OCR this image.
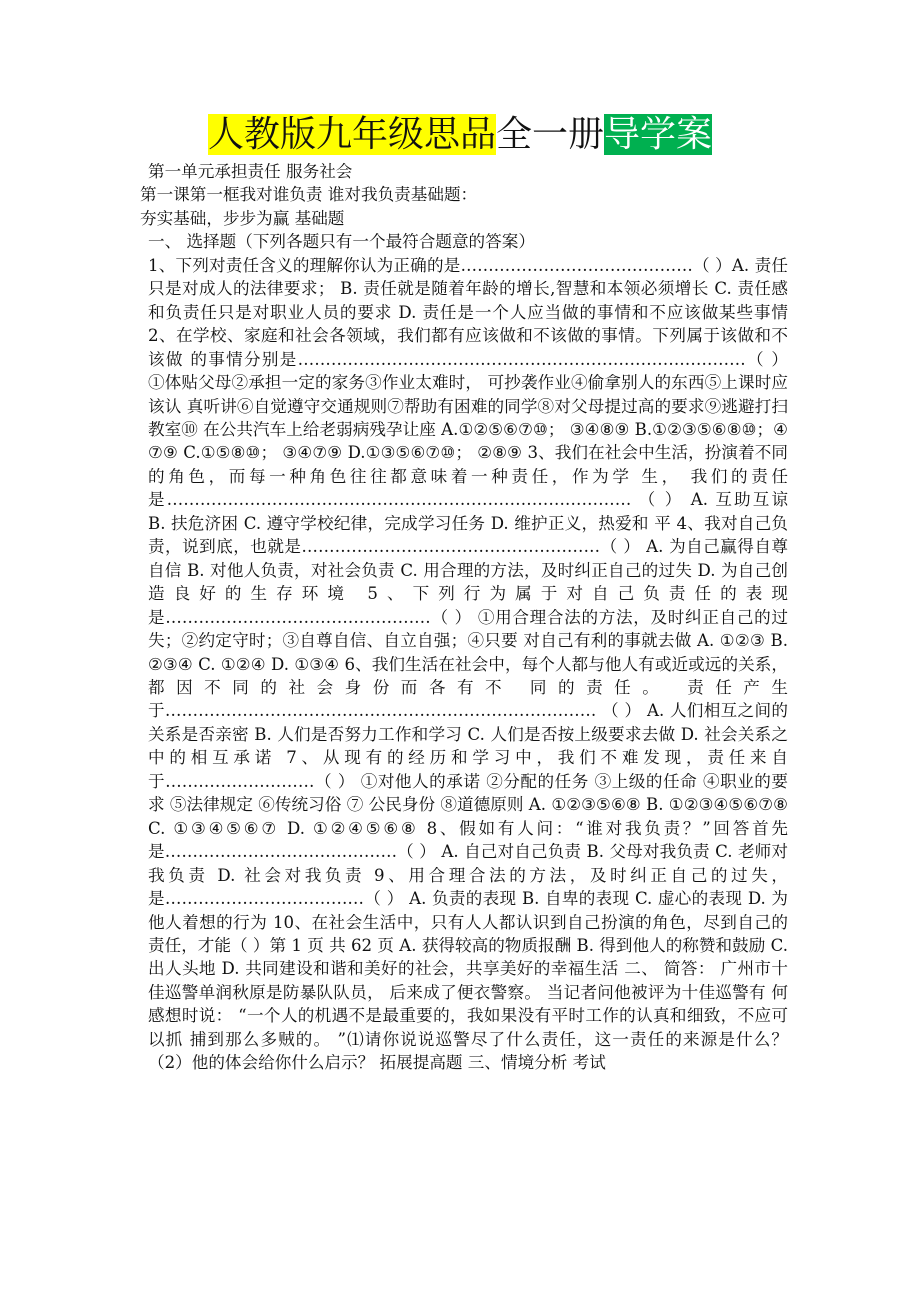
人教版九年级思品全一册导学案

第一单元承担责任 服务社会

第一课第一框我对谁负责 谁对我负责基础题：

夯实基础，步步为赢 基础题

一、 选择题（下列各题只有一个最符合题意的答案）

1、下列对责任含义的理解你认为正确的是……………………………………（ ）A. 责任只是对成人的法律要求； B. 责任就是随着年龄的增长,智慧和本领必须增长 C. 责任感和负责任只是对职业人员的要求 D. 责任是一个人应当做的事情和不应该做某些事情 2、在学校、家庭和社会各领域，我们都有应该做和不该做的事情。下列属于该做和不该做 的事情分别是………………………………………………………………………（ ） ①体贴父母②承担一定的家务③作业太难时， 可抄袭作业④偷拿别人的东西⑤上课时应该认 真听讲⑥自觉遵守交通规则⑦帮助有困难的同学⑧对父母提过高的要求⑨逃避打扫教室⑩ 在公共汽车上给老弱病残孕让座 A.①②⑤⑥⑦⑩； ③④⑧⑨ B.①②③⑤⑥⑧⑩；④⑦⑨ C.①⑤⑧⑩； ③④⑦⑨ D.①③⑤⑥⑦⑩； ②⑧⑨ 3、我们在社会中生活，扮演着不同的角色，而每一种角色往往都意味着一种责任，作为学 生， 我们的责任是………………………………………………………………………… （ ） A. 互助互谅 B. 扶危济困 C. 遵守学校纪律，完成学习任务 D. 维护正义，热爱和 平 4、我对自己负责，说到底，也就是………………………………………………（ ） A. 为自己赢得自尊自信 B. 对他人负责，对社会负责 C. 用合理的方法，及时纠正自己的过失 D. 为自己创造良好的生存环境 5、下列行为属于对自己负责任的表现是…………………………………………（ ） ①用合理合法的方法，及时纠正自己的过失；②约定守时；③自尊自信、自立自强；④只要 对自己有利的事就去做 A. ①②③ B. ②③④ C. ①②④ D. ①③④ 6、我们生活在社会中，每个人都与他人有或近或远的关系，都因不同的社会身份而各有不 同的责任。 责任产生于…………………………………………………………………… （ ） A. 人们相互之间的关系是否亲密 B. 人们是否努力工作和学习 C. 人们是否按上级要求去做 D. 社会关系之中的相互承诺 7、从现有的经历和学习中，我们不难发现，责任来自于………………………（ ） ①对他人的承诺 ②分配的任务 ③上级的任命 ④职业的要求 ⑤法律规定 ⑥传统习俗 ⑦ 公民身份 ⑧道德原则 A. ①②③⑤⑥⑧ B. ①②③④⑤⑥⑦⑧ C. ①③④⑤⑥⑦ D. ①②④⑤⑥⑧ 8、假如有人问：“谁对我负责？”回答首先是……………………………………（ ） A. 自己对自己负责 B. 父母对我负责 C. 老师对我负责 D. 社会对我负责 9、用合理合法的方法，及时纠正自己的过失，是………………………………（ ） A. 负责的表现 B. 自卑的表现 C. 虚心的表现 D. 为他人着想的行为 10、在社会生活中，只有人人都认识到自己扮演的角色，尽到自己的责任，才能（ ）第 1 页 共 62 页 A. 获得较高的物质报酬 B. 得到他人的称赞和鼓励 C. 出人头地 D. 共同建设和谐和美好的社会，共享美好的幸福生活 二、 简答： 广州市十佳巡警单润秋原是防暴队队员， 后来成了便衣警察。 当记者问他被评为十佳巡警有 何感想时说： “一个人的机遇不是最重要的，我如果没有平时工作的认真和细致，不应可以抓 捕到那么多贼的。 ”⑴请你说说巡警尽了什么责任，这一责任的来源是什么？ （2）他的体会给你什么启示？ 拓展提高题 三、情境分析 考试
